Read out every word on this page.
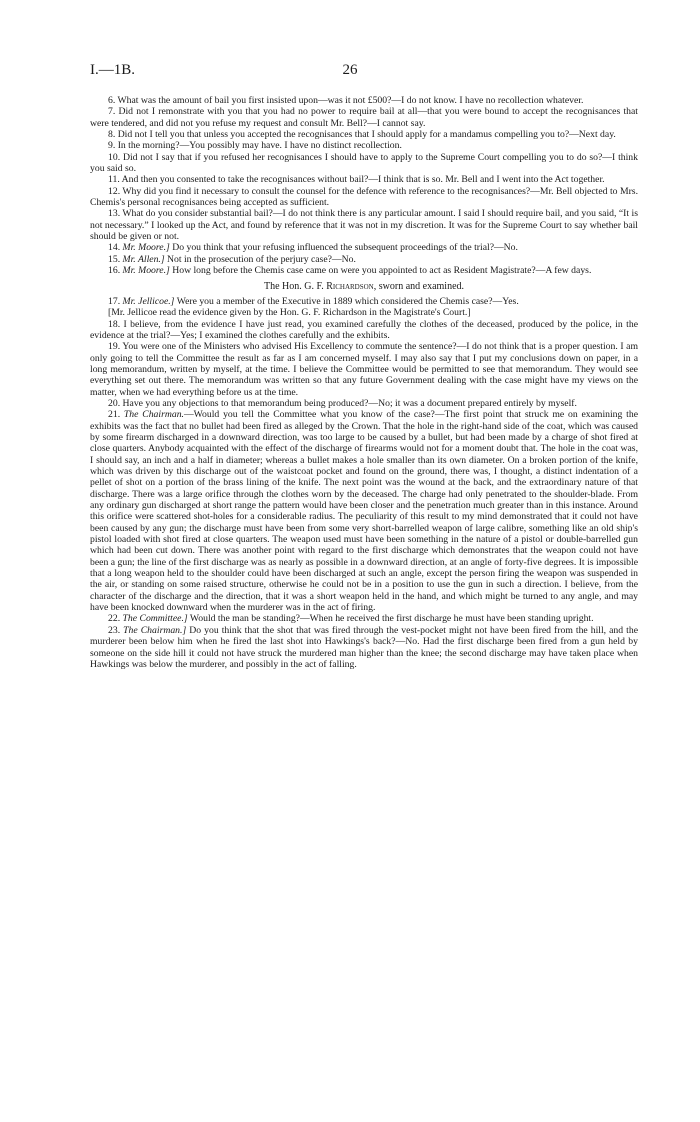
I.—1B.	26

6. What was the amount of bail you first insisted upon—was it not £500?—I do not know. I have no recollection whatever.

7. Did not I remonstrate with you that you had no power to require bail at all—that you were bound to accept the recognisances that were tendered, and did not you refuse my request and consult Mr. Bell?—I cannot say.

8. Did not I tell you that unless you accepted the recognisances that I should apply for a mandamus compelling you to?—Next day.

9. In the morning?—You possibly may have. I have no distinct recollection.

10. Did not I say that if you refused her recognisances I should have to apply to the Supreme Court compelling you to do so?—I think you said so.

11. And then you consented to take the recognisances without bail?—I think that is so. Mr. Bell and I went into the Act together.

12. Why did you find it necessary to consult the counsel for the defence with reference to the recognisances?—Mr. Bell objected to Mrs. Chemis's personal recognisances being accepted as sufficient.

13. What do you consider substantial bail?—I do not think there is any particular amount. I said I should require bail, and you said, “It is not necessary.” I looked up the Act, and found by reference that it was not in my discretion. It was for the Supreme Court to say whether bail should be given or not.

14. Mr. Moore.] Do you think that your refusing influenced the subsequent proceedings of the trial?—No.

15. Mr. Allen.] Not in the prosecution of the perjury case?—No.

16. Mr. Moore.] How long before the Chemis case came on were you appointed to act as Resident Magistrate?—A few days.

The Hon. G. F. Richardson, sworn and examined.

17. Mr. Jellicoe.] Were you a member of the Executive in 1889 which considered the Chemis case?—Yes.

[Mr. Jellicoe read the evidence given by the Hon. G. F. Richardson in the Magistrate's Court.]

18. I believe, from the evidence I have just read, you examined carefully the clothes of the deceased, produced by the police, in the evidence at the trial?—Yes; I examined the clothes carefully and the exhibits.

19. You were one of the Ministers who advised His Excellency to commute the sentence?—I do not think that is a proper question. I am only going to tell the Committee the result as far as I am concerned myself. I may also say that I put my conclusions down on paper, in a long memorandum, written by myself, at the time. I believe the Committee would be permitted to see that memorandum. They would see everything set out there. The memorandum was written so that any future Government dealing with the case might have my views on the matter, when we had everything before us at the time.

20. Have you any objections to that memorandum being produced?—No; it was a document prepared entirely by myself.

21. The Chairman.—Would you tell the Committee what you know of the case?—The first point that struck me on examining the exhibits was the fact that no bullet had been fired as alleged by the Crown. That the hole in the right-hand side of the coat, which was caused by some firearm discharged in a downward direction, was too large to be caused by a bullet, but had been made by a charge of shot fired at close quarters. Anybody acquainted with the effect of the discharge of firearms would not for a moment doubt that. The hole in the coat was, I should say, an inch and a half in diameter; whereas a bullet makes a hole smaller than its own diameter. On a broken portion of the knife, which was driven by this discharge out of the waistcoat pocket and found on the ground, there was, I thought, a distinct indentation of a pellet of shot on a portion of the brass lining of the knife. The next point was the wound at the back, and the extraordinary nature of that discharge. There was a large orifice through the clothes worn by the deceased. The charge had only penetrated to the shoulder-blade. From any ordinary gun discharged at short range the pattern would have been closer and the penetration much greater than in this instance. Around this orifice were scattered shot-holes for a considerable radius. The peculiarity of this result to my mind demonstrated that it could not have been caused by any gun; the discharge must have been from some very short-barrelled weapon of large calibre, something like an old ship's pistol loaded with shot fired at close quarters. The weapon used must have been something in the nature of a pistol or double-barrelled gun which had been cut down. There was another point with regard to the first discharge which demonstrates that the weapon could not have been a gun; the line of the first discharge was as nearly as possible in a downward direction, at an angle of forty-five degrees. It is impossible that a long weapon held to the shoulder could have been discharged at such an angle, except the person firing the weapon was suspended in the air, or standing on some raised structure, otherwise he could not be in a position to use the gun in such a direction. I believe, from the character of the discharge and the direction, that it was a short weapon held in the hand, and which might be turned to any angle, and may have been knocked downward when the murderer was in the act of firing.

22. The Committee.] Would the man be standing?—When he received the first discharge he must have been standing upright.

23. The Chairman.] Do you think that the shot that was fired through the vest-pocket might not have been fired from the hill, and the murderer been below him when he fired the last shot into Hawkings's back?—No. Had the first discharge been fired from a gun held by someone on the side hill it could not have struck the murdered man higher than the knee; the second discharge may have taken place when Hawkings was below the murderer, and possibly in the act of falling.
